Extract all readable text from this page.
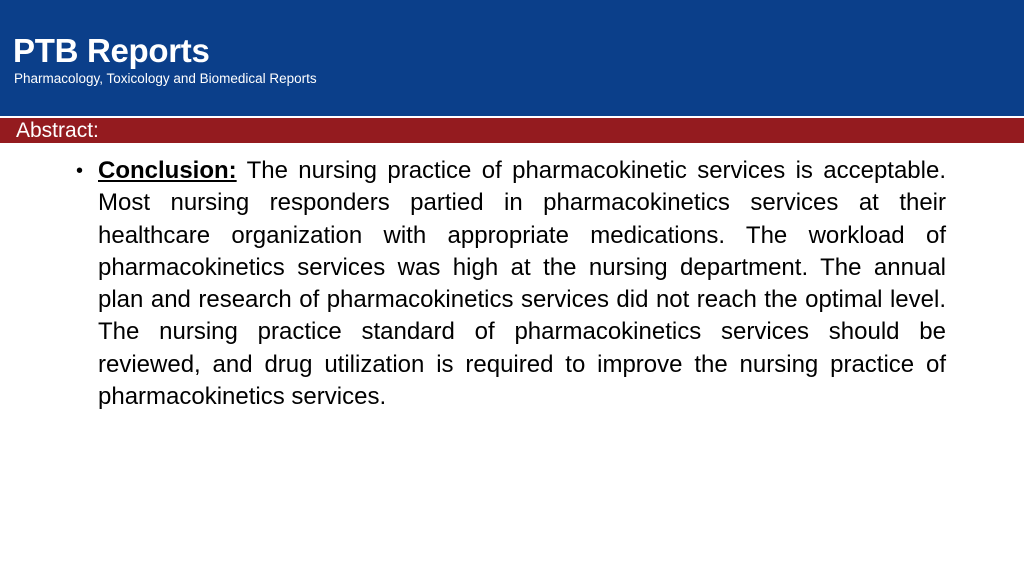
PTB Reports
Pharmacology, Toxicology and Biomedical Reports
Abstract:
• Conclusion: The nursing practice of pharmacokinetic services is acceptable. Most nursing responders partied in pharmacokinetics services at their healthcare organization with appropriate medications. The workload of pharmacokinetics services was high at the nursing department. The annual plan and research of pharmacokinetics services did not reach the optimal level. The nursing practice standard of pharmacokinetics services should be reviewed, and drug utilization is required to improve the nursing practice of pharmacokinetics services.
